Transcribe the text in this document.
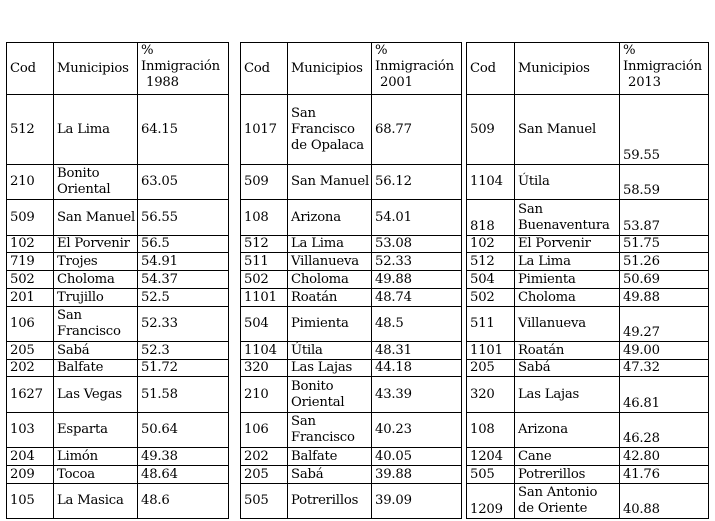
Cod	Municipios	%
Inmigración
1988

512	La Lima	64.15
210	Bonito Oriental	63.05
509	San Manuel	56.55
102	El Porvenir	56.5
719	Trojes	54.91
502	Choloma	54.37
201	Trujillo	52.5
106	San Francisco	52.33
205	Sabá	52.3
202	Balfate	51.72
1627	Las Vegas	51.58
103	Esparta	50.64
204	Limón	49.38
209	Tocoa	48.64
105	La Masica	48.6
Cod	Municipios	%
Inmigración
2001

1017	San Francisco de Opalaca	68.77
509	San Manuel	56.12
108	Arizona	54.01
512	La Lima	53.08
511	Villanueva	52.33
502	Choloma	49.88
1101	Roatán	48.74
504	Pimienta	48.5
1104	Útila	48.31
320	Las Lajas	44.18
210	Bonito Oriental	43.39
106	San Francisco	40.23
202	Balfate	40.05
205	Sabá	39.88
505	Potrerillos	39.09
Cod	Municipios	%
Inmigración
2013

509	San Manuel	59.55
1104	Útila	58.59
818	San Buenaventura	53.87
102	El Porvenir	51.75
512	La Lima	51.26
504	Pimienta	50.69
502	Choloma	49.88
511	Villanueva	49.27
1101	Roatán	49.00
205	Sabá	47.32
320	Las Lajas	46.81
108	Arizona	46.28
1204	Cane	42.80
505	Potrerillos	41.76
1209	San Antonio de Oriente	40.88
